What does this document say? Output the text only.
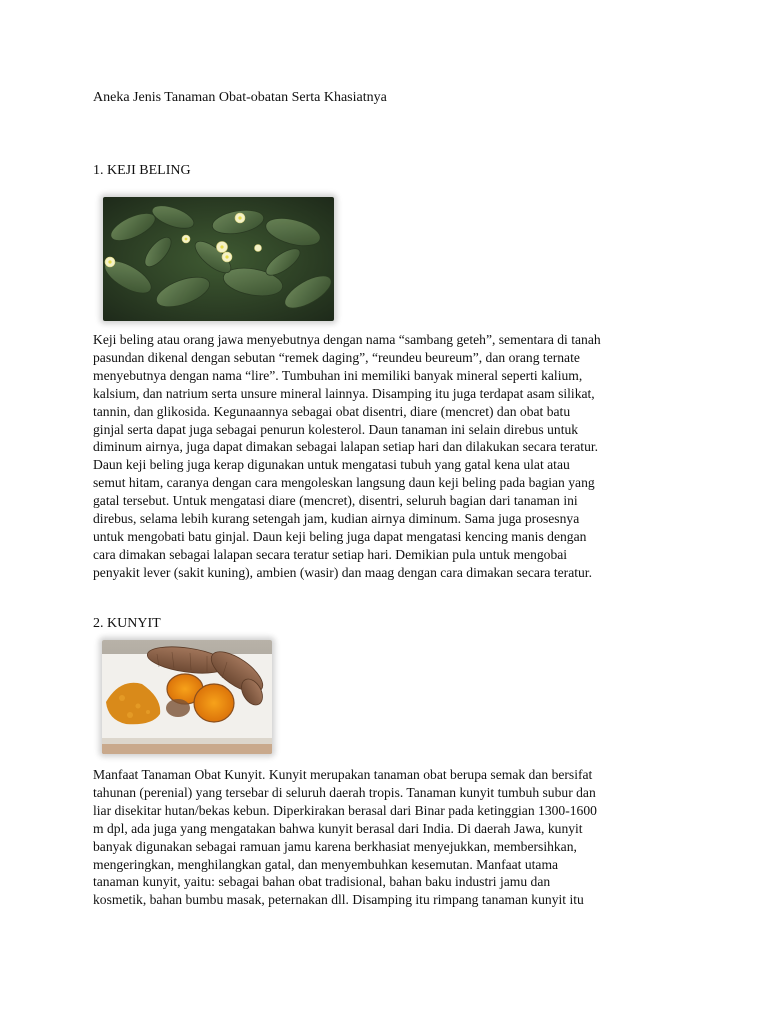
Aneka Jenis Tanaman Obat-obatan Serta Khasiatnya
1. KEJI BELING
Keji beling atau orang jawa menyebutnya dengan nama “sambang geteh”, sementara di tanah
pasundan dikenal dengan sebutan “remek daging”, “reundeu beureum”, dan orang ternate
menyebutnya dengan nama “lire”. Tumbuhan ini memiliki banyak mineral seperti kalium,
kalsium, dan natrium serta unsure mineral lainnya. Disamping itu juga terdapat asam silikat,
tannin, dan glikosida. Kegunaannya sebagai obat disentri, diare (mencret) dan obat batu
ginjal serta dapat juga sebagai penurun kolesterol. Daun tanaman ini selain direbus untuk
diminum airnya, juga dapat dimakan sebagai lalapan setiap hari dan dilakukan secara teratur.
Daun keji beling juga kerap digunakan untuk mengatasi tubuh yang gatal kena ulat atau
semut hitam, caranya dengan cara mengoleskan langsung daun keji beling pada bagian yang
gatal tersebut. Untuk mengatasi diare (mencret), disentri, seluruh bagian dari tanaman ini
direbus, selama lebih kurang setengah jam, kudian airnya diminum. Sama juga prosesnya
untuk mengobati batu ginjal. Daun keji beling juga dapat mengatasi kencing manis dengan
cara dimakan sebagai lalapan secara teratur setiap hari. Demikian pula untuk mengobai
penyakit lever (sakit kuning), ambien (wasir) dan maag dengan cara dimakan secara teratur.
2. KUNYIT
Manfaat Tanaman Obat Kunyit. Kunyit merupakan tanaman obat berupa semak dan bersifat
tahunan (perenial) yang tersebar di seluruh daerah tropis. Tanaman kunyit tumbuh subur dan
liar disekitar hutan/bekas kebun. Diperkirakan berasal dari Binar pada ketinggian 1300-1600
m dpl, ada juga yang mengatakan bahwa kunyit berasal dari India. Di daerah Jawa, kunyit
banyak digunakan sebagai ramuan jamu karena berkhasiat menyejukkan, membersihkan,
mengeringkan, menghilangkan gatal, dan menyembuhkan kesemutan. Manfaat utama
tanaman kunyit, yaitu: sebagai bahan obat tradisional, bahan baku industri jamu dan
kosmetik, bahan bumbu masak, peternakan dll. Disamping itu rimpang tanaman kunyit itu
